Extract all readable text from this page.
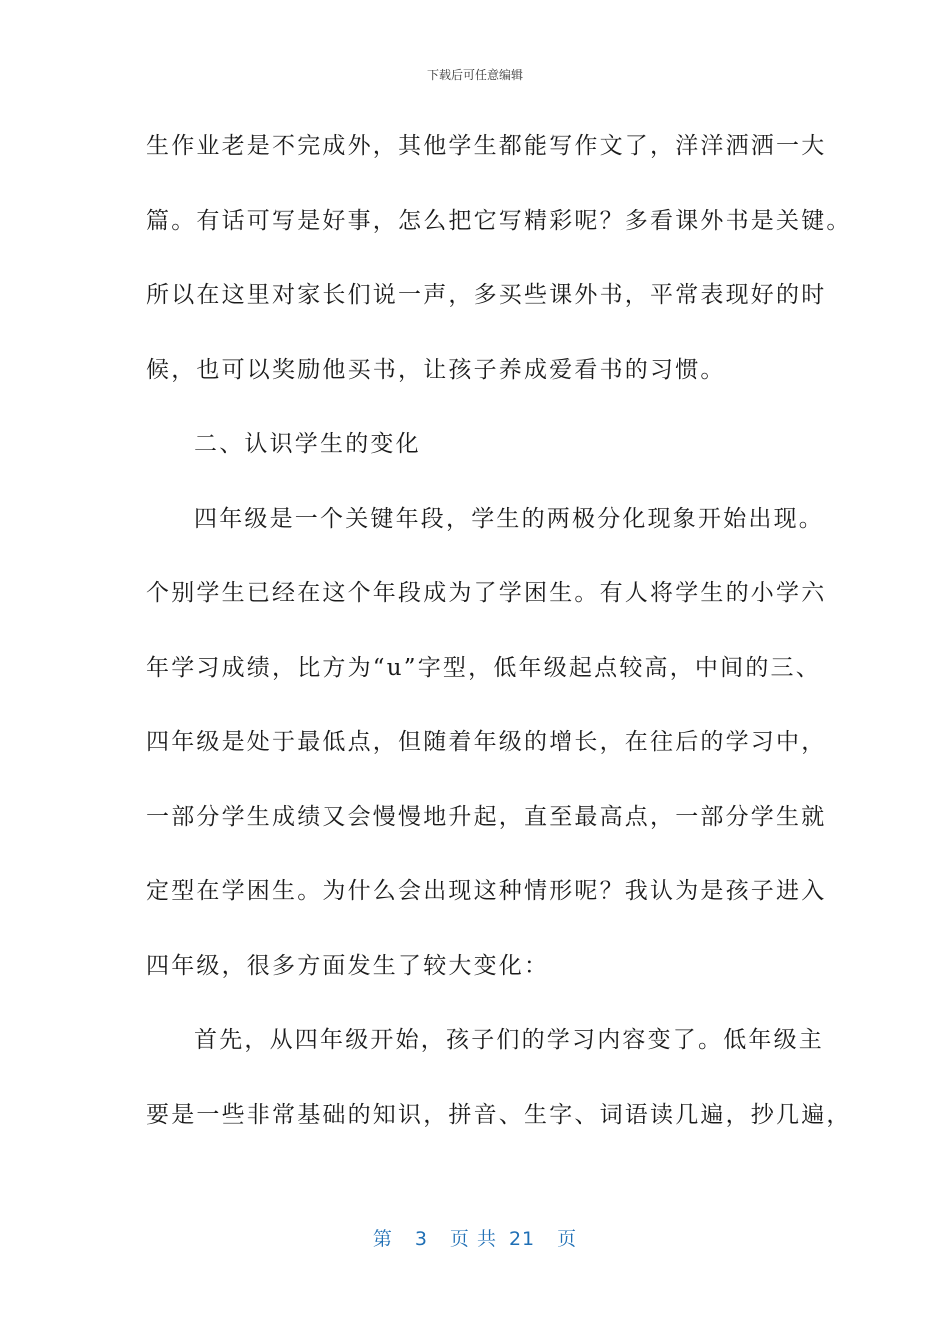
下载后可任意编辑
生作业老是不完成外，其他学生都能写作文了，洋洋洒洒一大
篇。有话可写是好事，怎么把它写精彩呢？多看课外书是关键。
所以在这里对家长们说一声，多买些课外书，平常表现好的时
候，也可以奖励他买书，让孩子养成爱看书的习惯。
二、认识学生的变化
四年级是一个关键年段，学生的两极分化现象开始出现。
个别学生已经在这个年段成为了学困生。有人将学生的小学六
年学习成绩，比方为“u”字型，低年级起点较高，中间的三、
四年级是处于最低点，但随着年级的增长，在往后的学习中，
一部分学生成绩又会慢慢地升起，直至最高点，一部分学生就
定型在学困生。为什么会出现这种情形呢？我认为是孩子进入
四年级，很多方面发生了较大变化：
首先，从四年级开始，孩子们的学习内容变了。低年级主
要是一些非常基础的知识，拼音、生字、词语读几遍，抄几遍，
第 3 页 共 21 页
